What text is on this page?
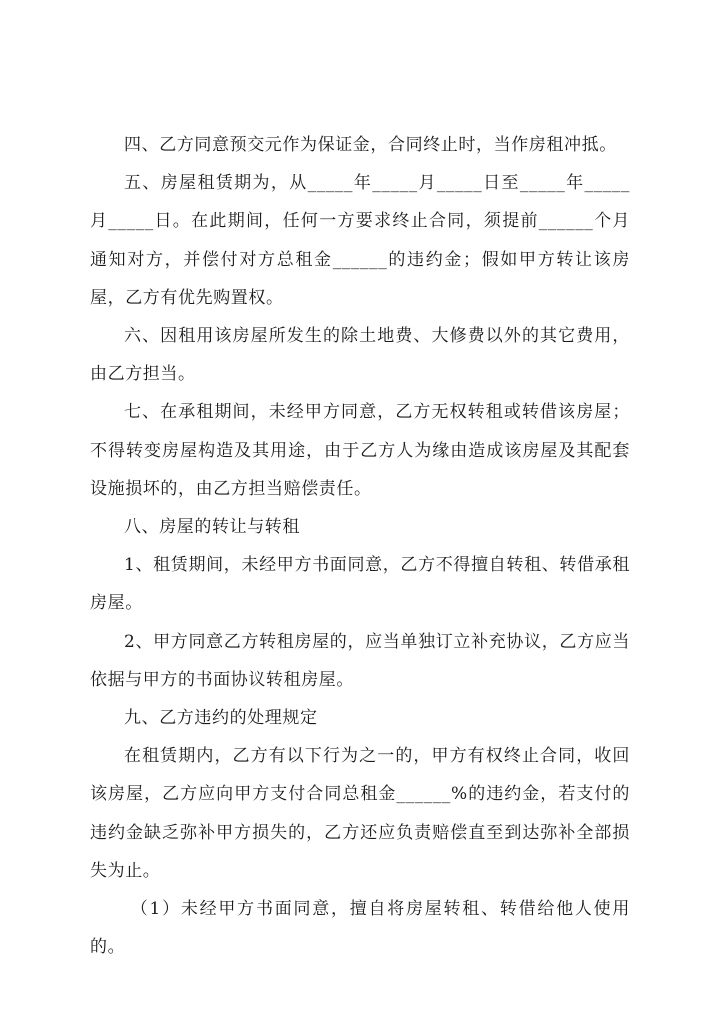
四、乙方同意预交元作为保证金，合同终止时，当作房租冲抵。

五、房屋租赁期为，从_____年_____月_____日至_____年_____月_____日。在此期间，任何一方要求终止合同，须提前______个月通知对方，并偿付对方总租金______的违约金；假如甲方转让该房屋，乙方有优先购置权。

六、因租用该房屋所发生的除土地费、大修费以外的其它费用，由乙方担当。

七、在承租期间，未经甲方同意，乙方无权转租或转借该房屋；不得转变房屋构造及其用途，由于乙方人为缘由造成该房屋及其配套设施损坏的，由乙方担当赔偿责任。

八、房屋的转让与转租

1、租赁期间，未经甲方书面同意，乙方不得擅自转租、转借承租房屋。

2、甲方同意乙方转租房屋的，应当单独订立补充协议，乙方应当依据与甲方的书面协议转租房屋。

九、乙方违约的处理规定

在租赁期内，乙方有以下行为之一的，甲方有权终止合同，收回该房屋，乙方应向甲方支付合同总租金______%的违约金，若支付的违约金缺乏弥补甲方损失的，乙方还应负责赔偿直至到达弥补全部损失为止。

（1）未经甲方书面同意，擅自将房屋转租、转借给他人使用的。
